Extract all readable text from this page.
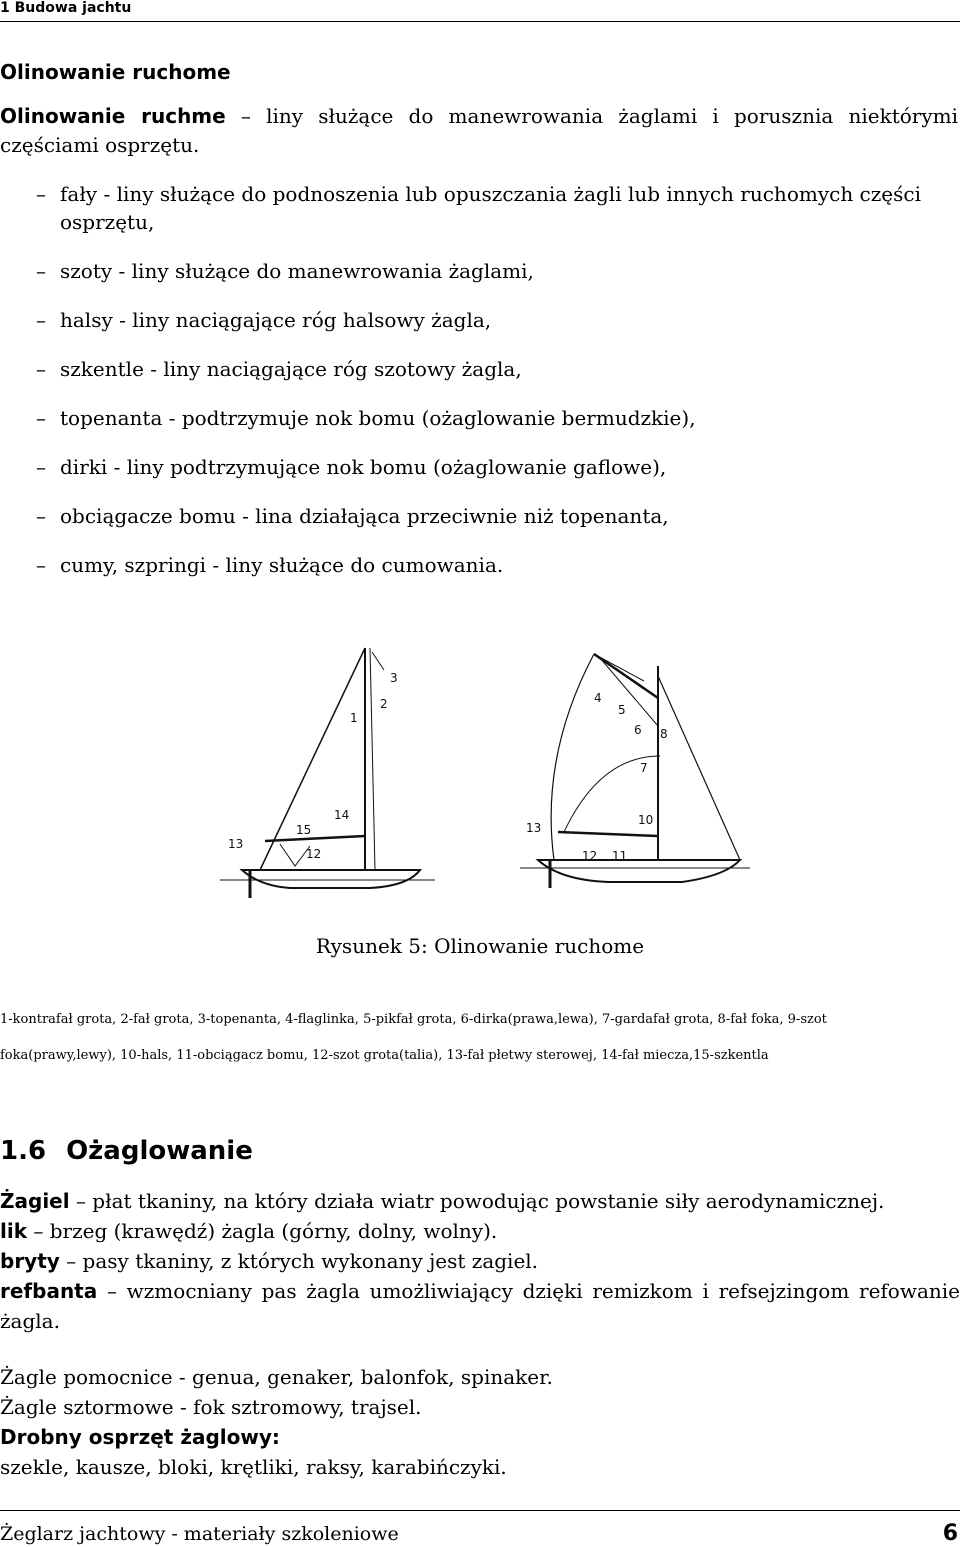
1 Budowa jachtu
Olinowanie ruchome
Olinowanie ruchme – liny służące do manewrowania żaglami i porusznia niektórymi częściami osprzętu.
– fały - liny służące do podnoszenia lub opuszczania żagli lub innych ruchomych części osprzętu,
– szoty - liny służące do manewrowania żaglami,
– halsy - liny naciągające róg halsowy żagla,
– szkentle - liny naciągające róg szotowy żagla,
– topenanta - podtrzymuje nok bomu (ożaglowanie bermudzkie),
– dirki - liny podtrzymujące nok bomu (ożaglowanie gaflowe),
– obciągacze bomu - lina działająca przeciwnie niż topenanta,
– cumy, szpringi - liny służące do cumowania.
1
2
3
13
14
15
12
4
5
6 8
7
13
10
12 11
Rysunek 5: Olinowanie ruchome
1-kontrafał grota, 2-fał grota, 3-topenanta, 4-flaglinka, 5-pikfał grota, 6-dirka(prawa,lewa), 7-gardafał grota, 8-fał foka, 9-szot
foka(prawy,lewy), 10-hals, 11-obciągacz bomu, 12-szot grota(talia), 13-fał płetwy sterowej, 14-fał miecza,15-szkentla
1.6 Ożaglowanie
Żagiel – płat tkaniny, na który działa wiatr powodując powstanie siły aerodynamicznej.
lik – brzeg (krawędź) żagla (górny, dolny, wolny).
bryty – pasy tkaniny, z których wykonany jest zagiel.
refbanta – wzmocniany pas żagla umożliwiający dzięki remizkom i refsejzingom refowanie żagla.
Żagle pomocnice - genua, genaker, balonfok, spinaker.
Żagle sztormowe - fok sztromowy, trajsel.
Drobny osprzęt żaglowy:
szekle, kausze, bloki, krętliki, raksy, karabińczyki.
Żeglarz jachtowy - materiały szkoleniowe	6
